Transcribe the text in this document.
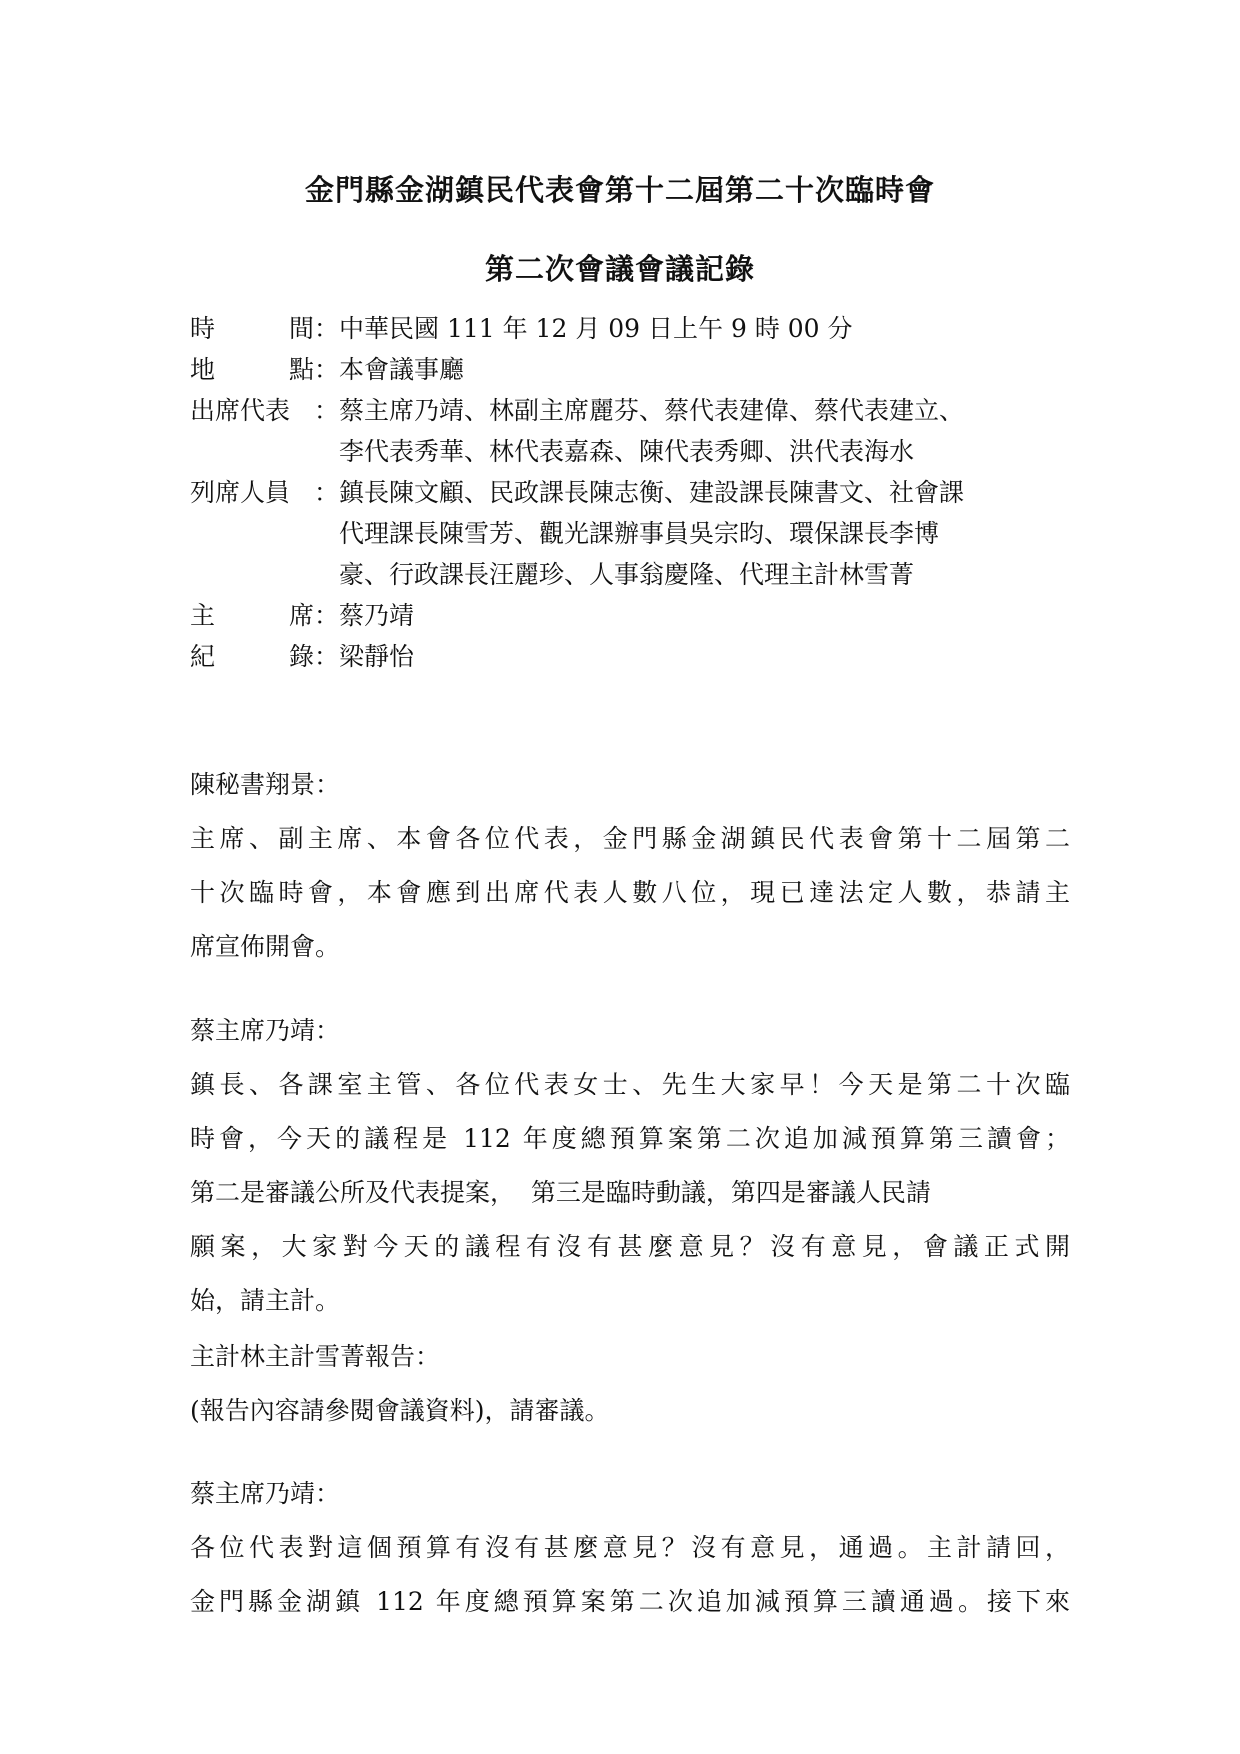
金門縣金湖鎮民代表會第十二屆第二十次臨時會
第二次會議會議記錄
時	間 ： 中華民國 111 年 12 月 09 日上午 9 時 00 分
地	點 ： 本會議事廳
出席代表 ： 蔡主席乃靖、林副主席麗芬、蔡代表建偉、蔡代表建立、
李代表秀華、林代表嘉森、陳代表秀卿、洪代表海水
列席人員 ： 鎮長陳文顧、民政課長陳志衡、建設課長陳書文、社會課
代理課長陳雪芳、觀光課辦事員吳宗昀、環保課長李博
豪、行政課長汪麗珍、人事翁慶隆、代理主計林雪菁
主	席 ： 蔡乃靖
紀	錄 ： 梁靜怡
陳秘書翔景：
主席、副主席、本會各位代表，金門縣金湖鎮民代表會第十二屆第二
十次臨時會，本會應到出席代表人數八位，現已達法定人數，恭請主
席宣佈開會。
蔡主席乃靖：
鎮長、各課室主管、各位代表女士、先生大家早！今天是第二十次臨
時會，今天的議程是 112 年度總預算案第二次追加減預算第三讀會；
第二是審議公所及代表提案，  第三是臨時動議，第四是審議人民請
願案，大家對今天的議程有沒有甚麼意見？沒有意見，會議正式開
始，請主計。
主計林主計雪菁報告：
(報告內容請參閱會議資料)，請審議。
蔡主席乃靖：
各位代表對這個預算有沒有甚麼意見？沒有意見，通過。主計請回，
金門縣金湖鎮 112 年度總預算案第二次追加減預算三讀通過。接下來
